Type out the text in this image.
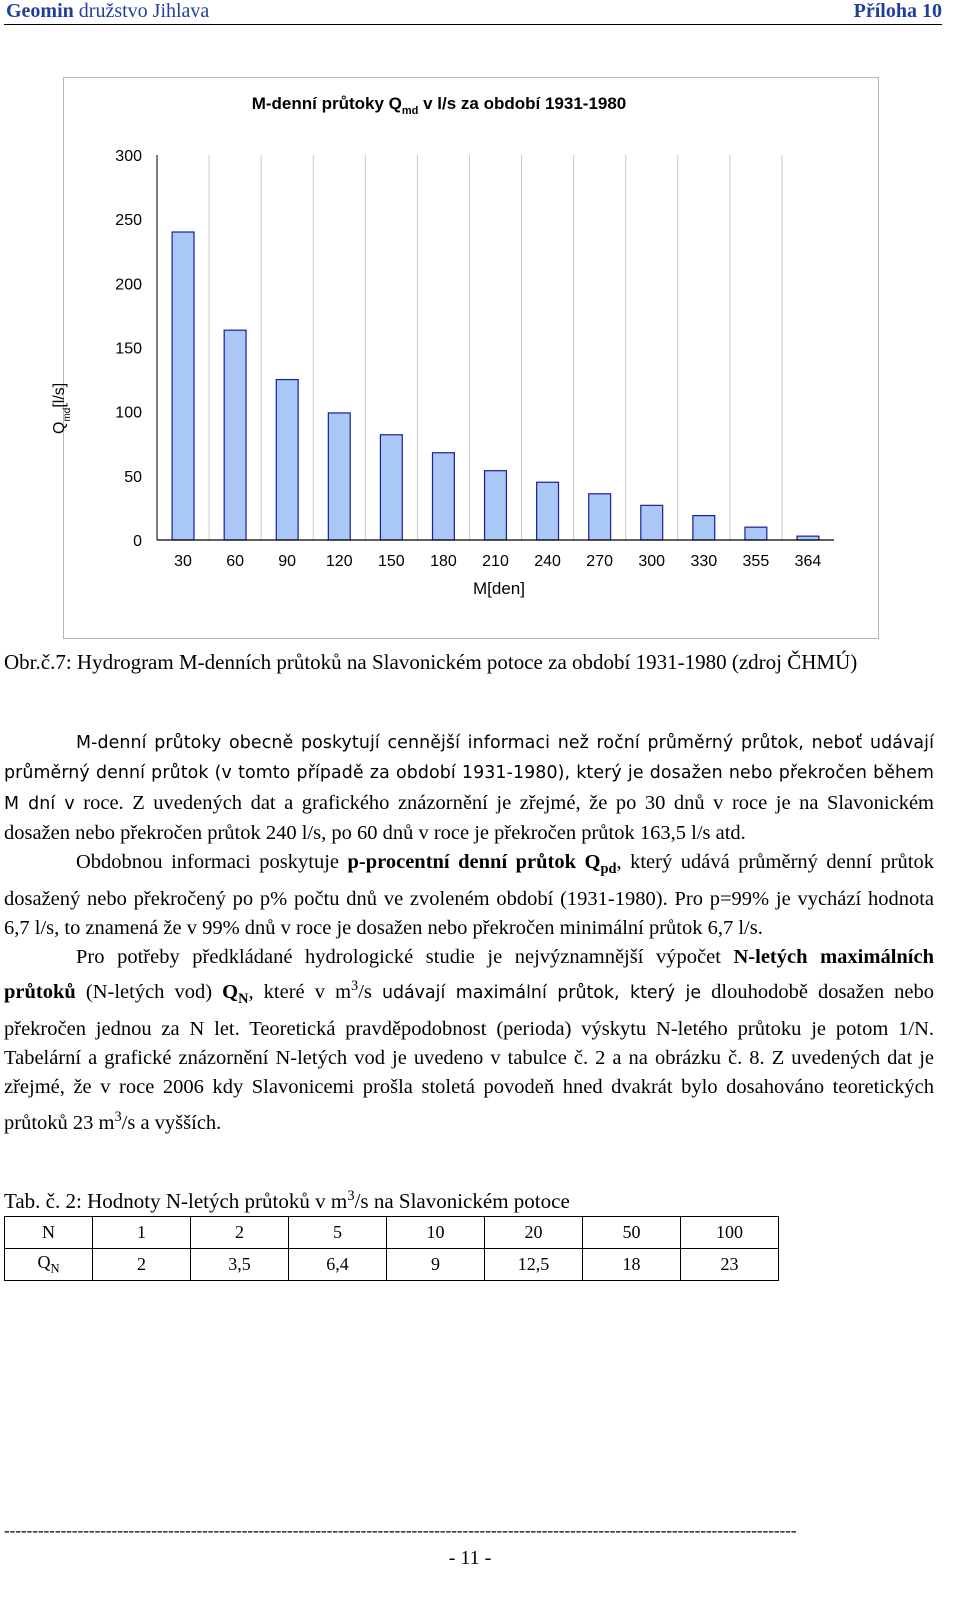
Geomin družstvo Jihlava	Příloha 10
M-denní průtoky $Q_{md}$ v l/s za období 1931-1980
0
50
100
150
200
250
300
30 60 90 120 150 180 210 240 270 300 330 355 364
$Q_{md}[l/s]$
M[den]
Obr.č.7: Hydrogram M-denních průtoků na Slavonickém potoce za období 1931-1980 (zdroj ČHMÚ)

M-denní průtoky obecně poskytují cennější informaci než roční průměrný průtok, neboť udávají průměrný denní průtok (v tomto případě za období 1931-1980), který je dosažen nebo překročen během M dní v roce. Z uvedených dat a grafického znázornění je zřejmé, že po 30 dnů v roce je na Slavonickém dosažen nebo překročen průtok 240 l/s, po 60 dnů v roce je překročen průtok 163,5 l/s atd.

Obdobnou informaci poskytuje p-procentní denní průtok $Q_{pd}$, který udává průměrný denní průtok dosažený nebo překročený po p% počtu dnů ve zvoleném období (1931-1980). Pro p=99% je vychází hodnota 6,7 l/s, to znamená že v 99% dnů v roce je dosažen nebo překročen minimální průtok 6,7 l/s.

Pro potřeby předkládané hydrologické studie je nejvýznamnější výpočet N-letých maximálních průtoků (N-letých vod) $Q_N$, které v $m^3/s$ udávají maximální průtok, který je dlouhodobě dosažen nebo překročen jednou za N let. Teoretická pravděpodobnost (perioda) výskytu N-letého průtoku je potom 1/N. Tabelární a grafické znázornění N-letých vod je uvedeno v tabulce č. 2 a na obrázku č. 8. Z uvedených dat je zřejmé, že v roce 2006 kdy Slavonicemi prošla stoletá povodeň hned dvakrát bylo dosahováno teoretických průtoků 23 $m^3/s$ a vyšších.

Tab. č. 2: Hodnoty N-letých průtoků v $m^3/s$ na Slavonickém potoce
N	1	2	5	10	20	50	100
$Q_N$	2	3,5	6,4	9	12,5	18	23
--------------------------------------------------------------------------------------------------------------------------------------------
- 11 -
